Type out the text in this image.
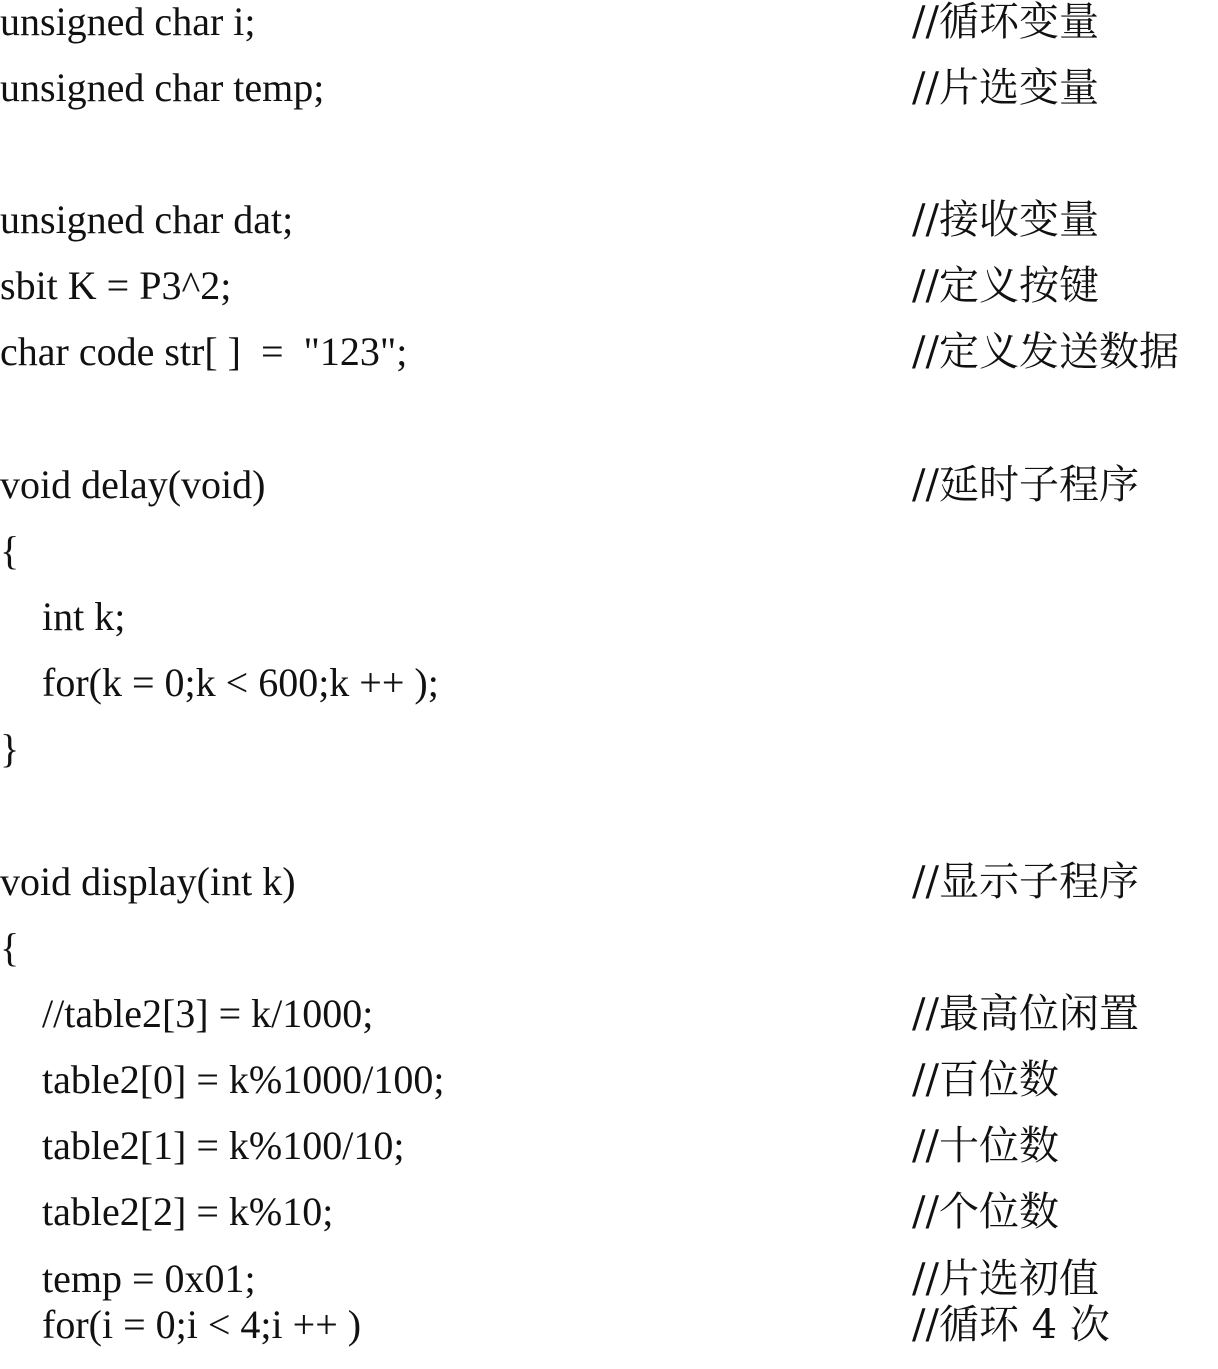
unsigned char i;	//循环变量
unsigned char temp;	//片选变量
unsigned char dat;	//接收变量
sbit K = P3^2;	//定义按键
char code str[ ]  =  "123";	//定义发送数据
void delay(void)	//延时子程序
{
int k;
for(k = 0;k < 600;k ++ );
}
void display(int k)	//显示子程序
{
//table2[3] = k/1000;	//最高位闲置
table2[0] = k%1000/100;	//百位数
table2[1] = k%100/10;	//十位数
table2[2] = k%10;	//个位数
temp = 0x01;	//片选初值
for(i = 0;i < 4;i ++ )	//循环 4 次
